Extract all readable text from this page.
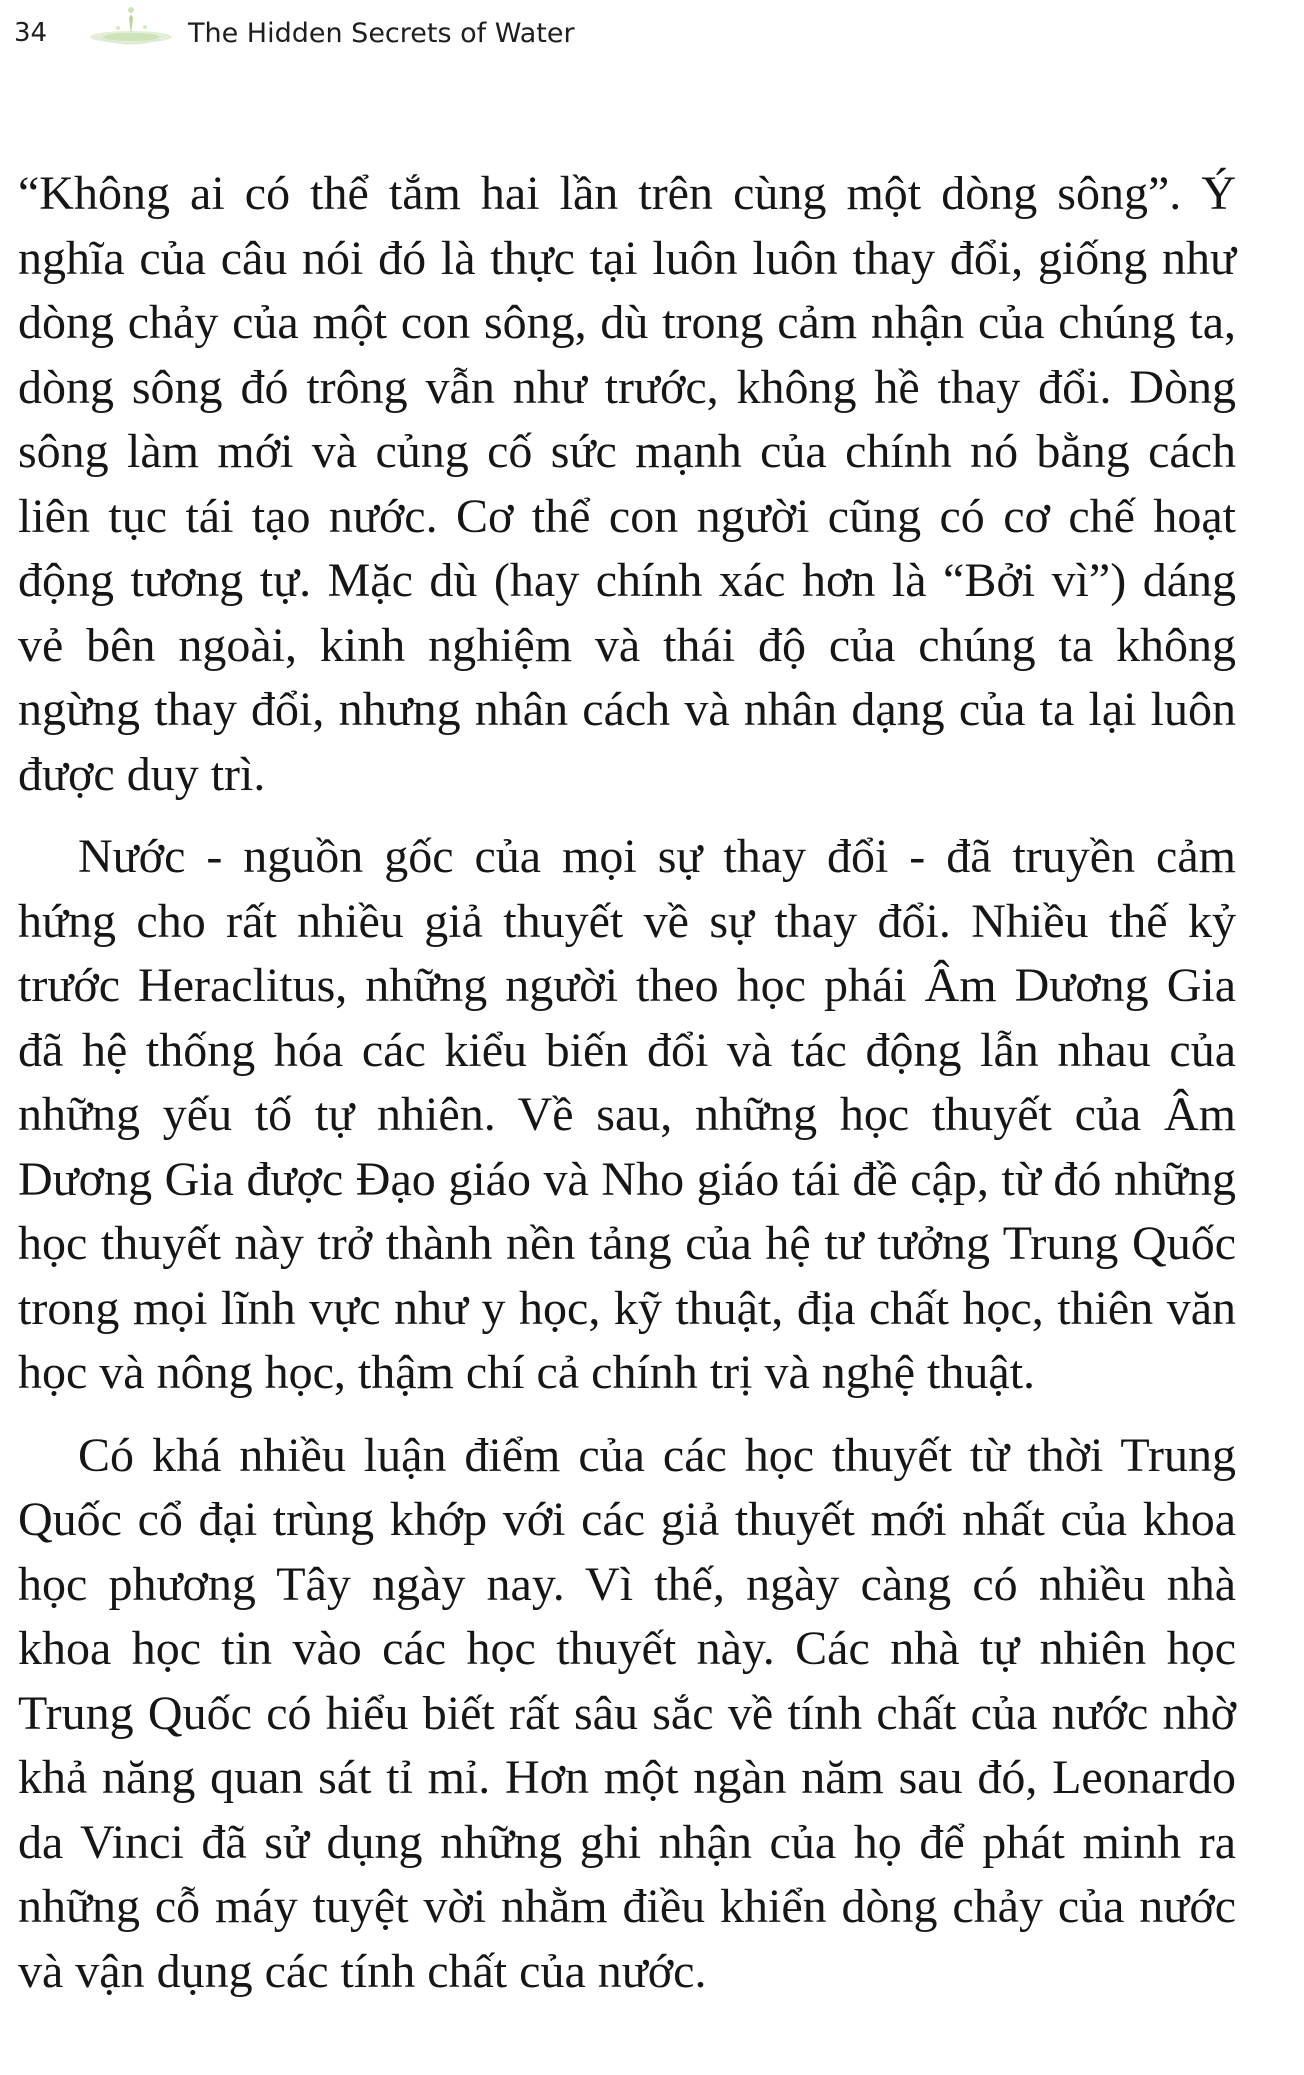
34	The Hidden Secrets of Water

“Không ai có thể tắm hai lần trên cùng một dòng sông”. Ý nghĩa của câu nói đó là thực tại luôn luôn thay đổi, giống như dòng chảy của một con sông, dù trong cảm nhận của chúng ta, dòng sông đó trông vẫn như trước, không hề thay đổi. Dòng sông làm mới và củng cố sức mạnh của chính nó bằng cách liên tục tái tạo nước. Cơ thể con người cũng có cơ chế hoạt động tương tự. Mặc dù (hay chính xác hơn là “Bởi vì”) dáng vẻ bên ngoài, kinh nghiệm và thái độ của chúng ta không ngừng thay đổi, nhưng nhân cách và nhân dạng của ta lại luôn được duy trì.

Nước - nguồn gốc của mọi sự thay đổi - đã truyền cảm hứng cho rất nhiều giả thuyết về sự thay đổi. Nhiều thế kỷ trước Heraclitus, những người theo học phái Âm Dương Gia đã hệ thống hóa các kiểu biến đổi và tác động lẫn nhau của những yếu tố tự nhiên. Về sau, những học thuyết của Âm Dương Gia được Đạo giáo và Nho giáo tái đề cập, từ đó những học thuyết này trở thành nền tảng của hệ tư tưởng Trung Quốc trong mọi lĩnh vực như y học, kỹ thuật, địa chất học, thiên văn học và nông học, thậm chí cả chính trị và nghệ thuật.

Có khá nhiều luận điểm của các học thuyết từ thời Trung Quốc cổ đại trùng khớp với các giả thuyết mới nhất của khoa học phương Tây ngày nay. Vì thế, ngày càng có nhiều nhà khoa học tin vào các học thuyết này. Các nhà tự nhiên học Trung Quốc có hiểu biết rất sâu sắc về tính chất của nước nhờ khả năng quan sát tỉ mỉ. Hơn một ngàn năm sau đó, Leonardo da Vinci đã sử dụng những ghi nhận của họ để phát minh ra những cỗ máy tuyệt vời nhằm điều khiển dòng chảy của nước và vận dụng các tính chất của nước.
